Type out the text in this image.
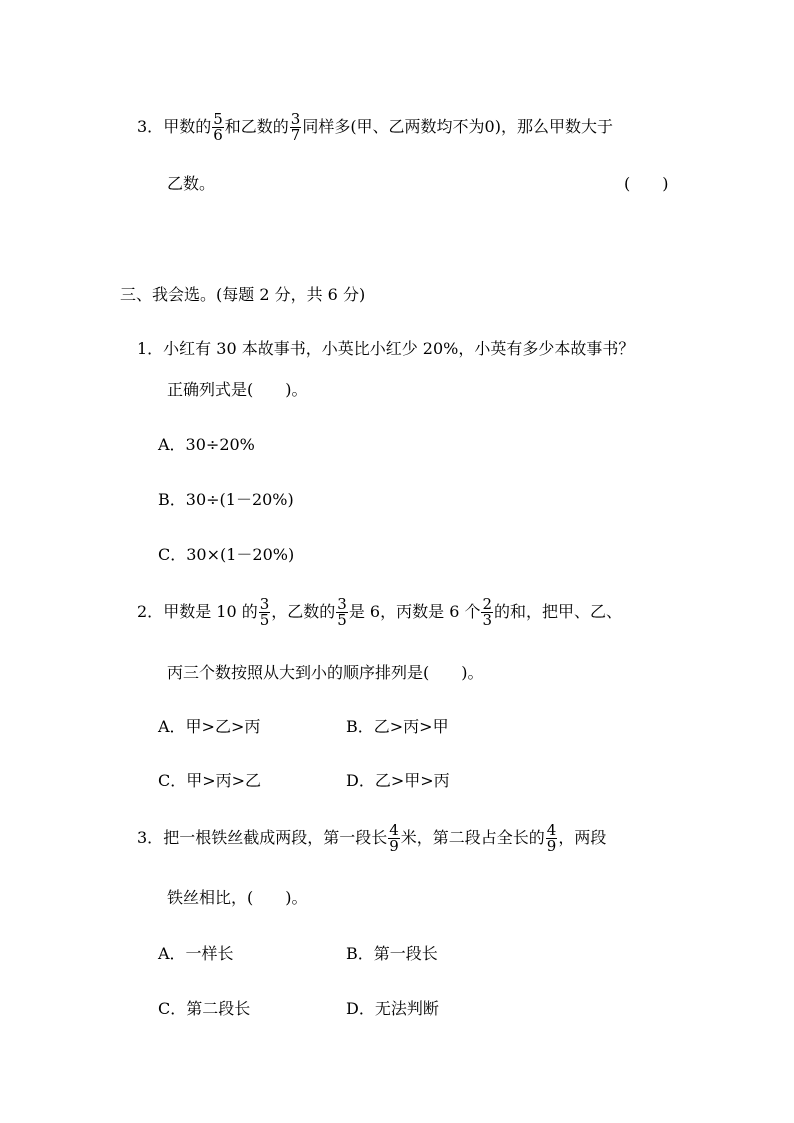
3．甲数的 $\frac{5}{6}$ 和乙数的 $\frac{3}{7}$ 同样多(甲、乙两数均不为0)，那么甲数大于
乙数。	(　　)
三、我会选。(每题 2 分，共 6 分)
1．小红有 30 本故事书，小英比小红少 20%，小英有多少本故事书？
正确列式是(　　)。
A．30÷20%
B．30÷(1－20%)
C．30×(1－20%)
2．甲数是 10 的 $\frac{3}{5}$ ，乙数的 $\frac{3}{5}$ 是 6，丙数是 6 个 $\frac{2}{3}$ 的和，把甲、乙、
丙三个数按照从大到小的顺序排列是(　　)。
A．甲>乙>丙	B．乙>丙>甲
C．甲>丙>乙	D．乙>甲>丙
3．把一根铁丝截成两段，第一段长 $\frac{4}{9}$ 米，第二段占全长的 $\frac{4}{9}$ ，两段
铁丝相比，(　　)。
A．一样长	B．第一段长
C．第二段长	D．无法判断
